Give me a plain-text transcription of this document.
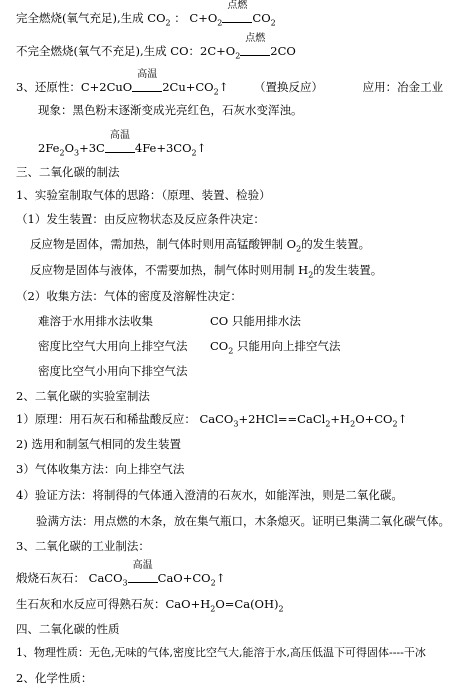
完全燃烧(氧气充足),生成 $CO_2$ ： $C+O_2$
点燃

$CO_2$
不完全燃烧(氧气不充足),生成 CO：$2C+O_2$
点燃

2CO
3、还原性：C+2CuO
高温

$2Cu+CO_2↑$ （置换反应）	应用：冶金工业
现象：黑色粉末逐渐变成光亮红色，石灰水变浑浊。
$2Fe_2O_3+3C$
高温

$4Fe+3CO_2↑$
三、二氧化碳的制法
1、实验室制取气体的思路：（原理、装置、检验）
（1）发生装置：由反应物状态及反应条件决定：
反应物是固体，需加热，制气体时则用高锰酸钾制 $O_2$的发生装置。
反应物是固体与液体，不需要加热，制气体时则用制 $H_2$的发生装置。
（2）收集方法：气体的密度及溶解性决定：
难溶于水用排水法收集	CO 只能用排水法
密度比空气大用向上排空气法 $CO_2$ 只能用向上排空气法
密度比空气小用向下排空气法
2、二氧化碳的实验室制法
1）原理：用石灰石和稀盐酸反应： $CaCO_3+2HCl==CaCl_2+H_2O+CO_2↑$
2) 选用和制氢气相同的发生装置
3）气体收集方法：向上排空气法
4）验证方法：将制得的气体通入澄清的石灰水，如能浑浊，则是二氧化碳。
验满方法：用点燃的木条，放在集气瓶口，木条熄灭。证明已集满二氧化碳气体。
3、二氧化碳的工业制法：
煅烧石灰石： CaCO$_3$
高温

$CaO+CO_2↑$
生石灰和水反应可得熟石灰：$CaO+H_2O=Ca(OH)_2$
四、二氧化碳的性质
1、物理性质：无色,无味的气体,密度比空气大,能溶于水,高压低温下可得固体----干冰
2、化学性质：
